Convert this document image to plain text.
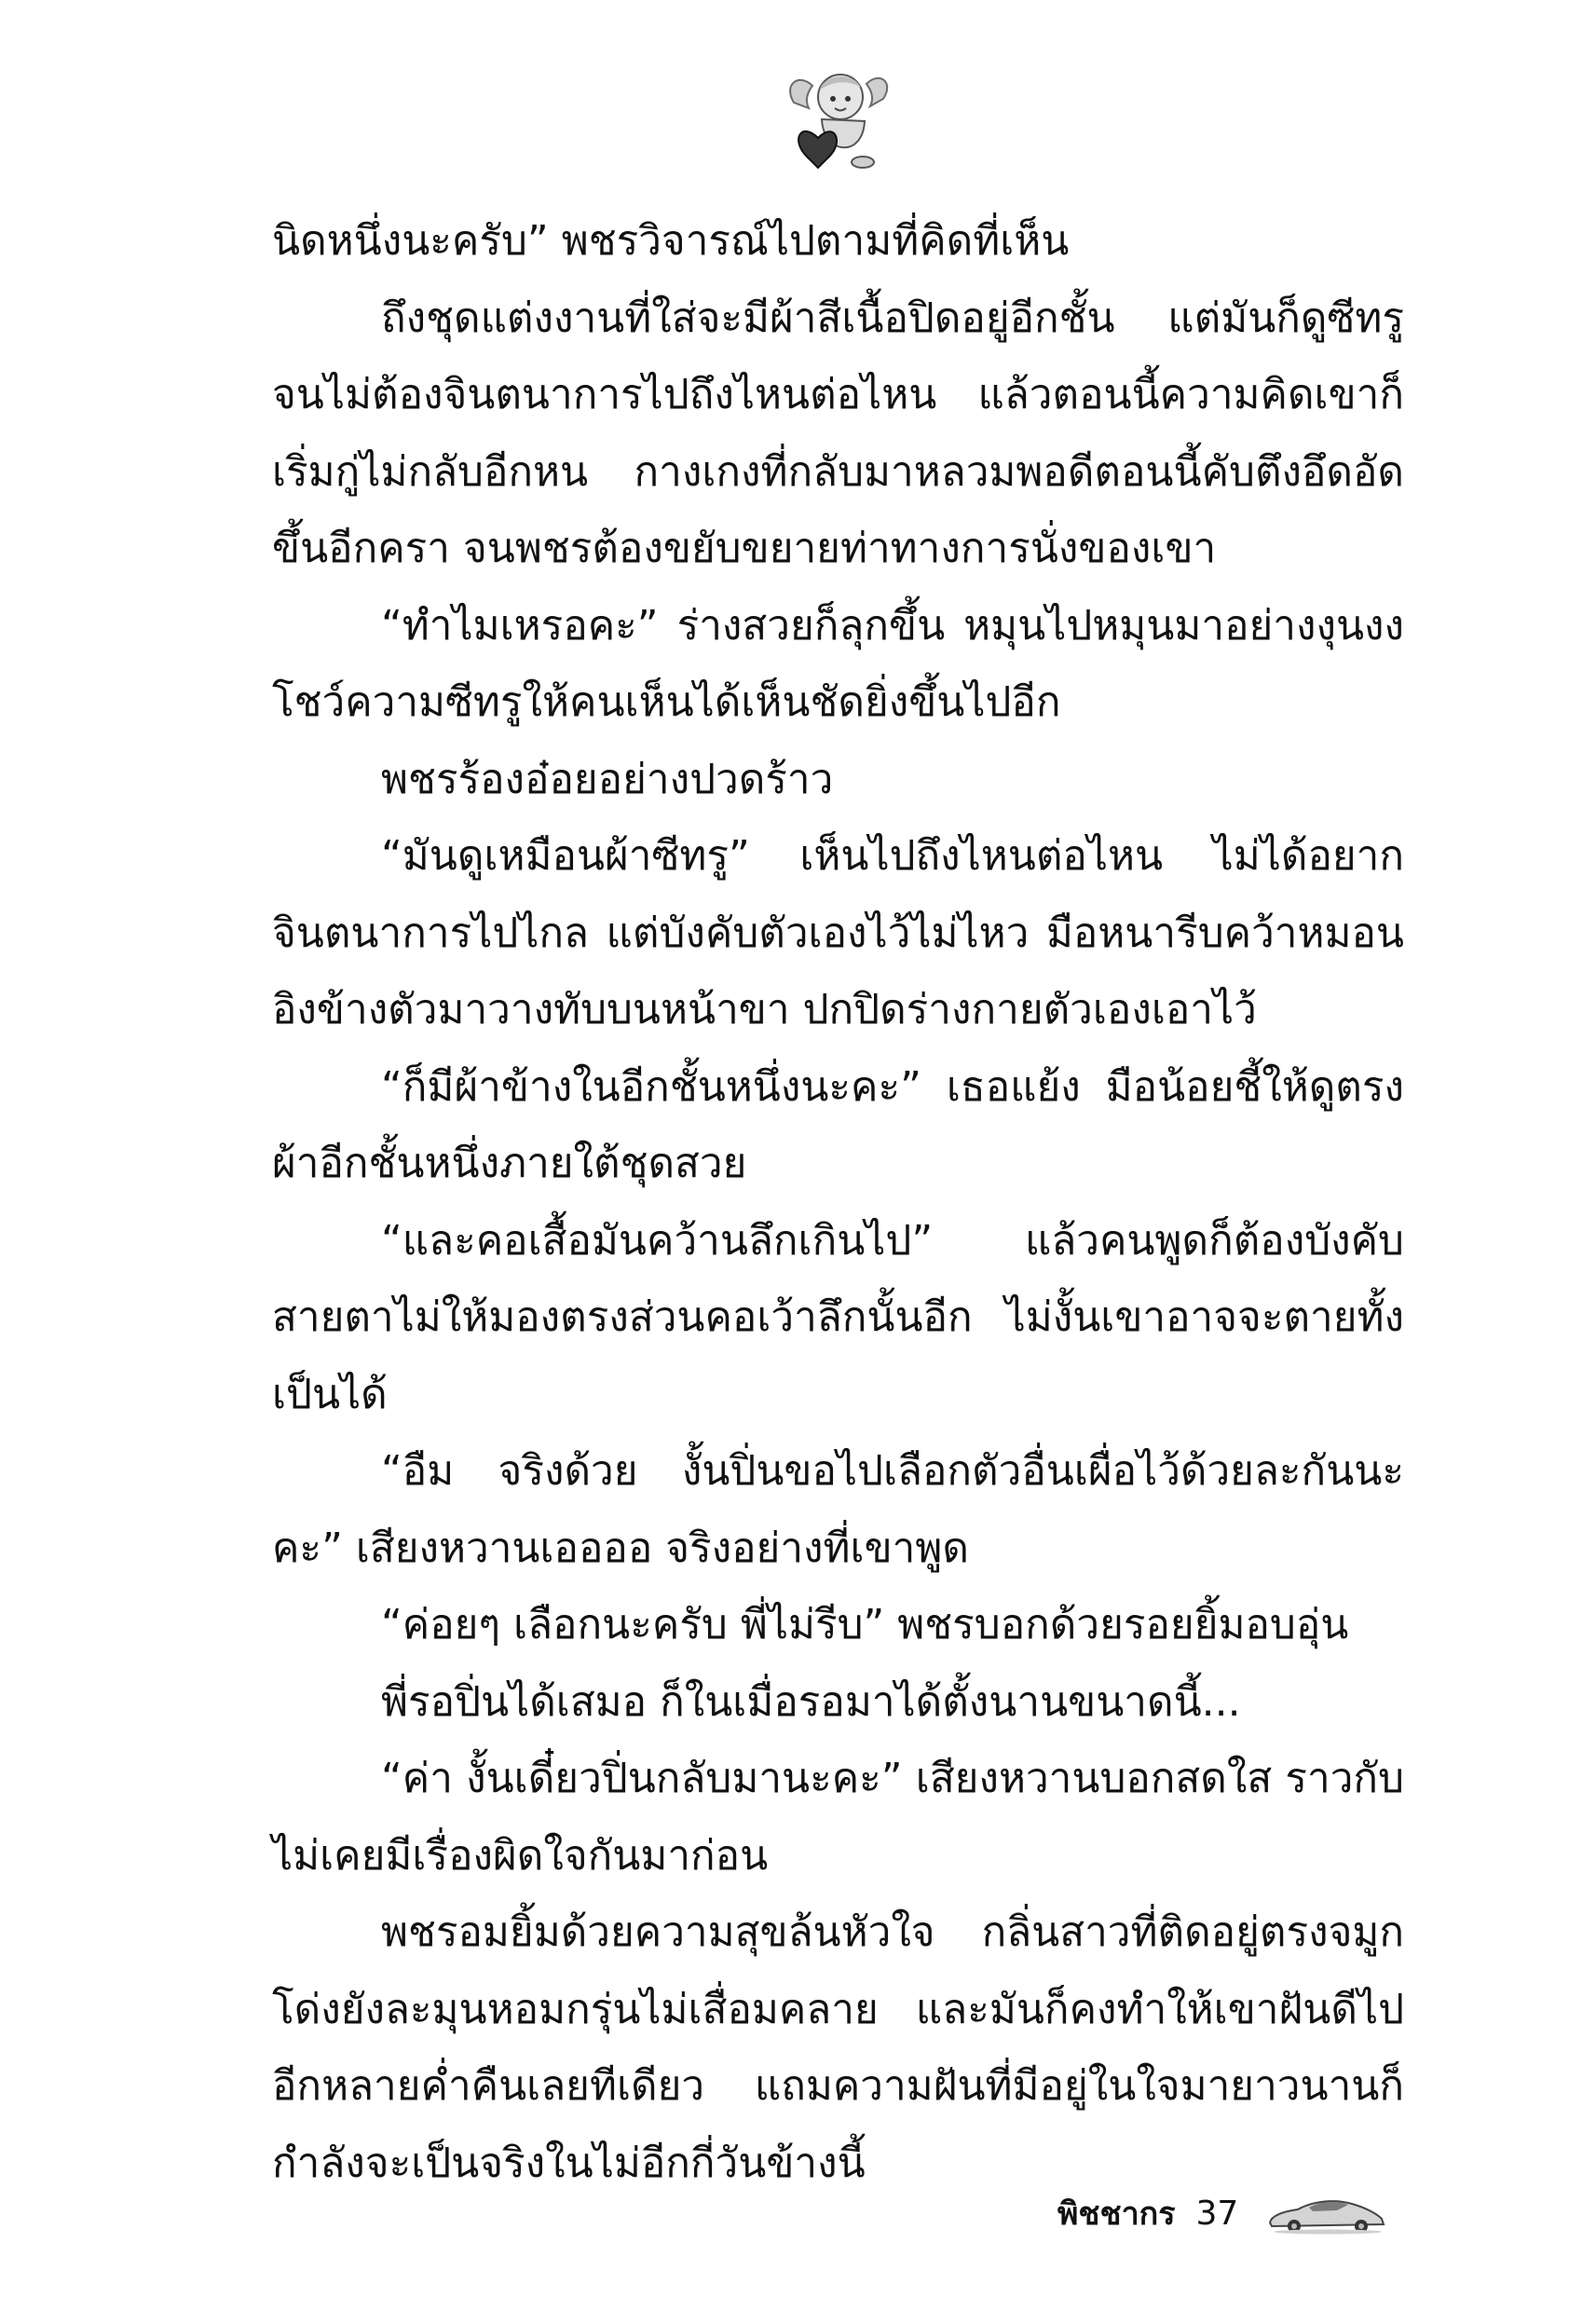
นิดหนึ่งนะครับ” พชรวิจารณ์ไปตามที่คิดที่เห็น

ถึงชุดแต่งงานที่ใส่จะมีผ้าสีเนื้อปิดอยู่อีกชั้น แต่มันก็ดูซีทรูจนไม่ต้องจินตนาการไปถึงไหนต่อไหน แล้วตอนนี้ความคิดเขาก็เริ่มกู่ไม่กลับอีกหน กางเกงที่กลับมาหลวมพอดีตอนนี้คับตึงอึดอัดขึ้นอีกครา จนพชรต้องขยับขยายท่าทางการนั่งของเขา

“ทำไมเหรอคะ” ร่างสวยก็ลุกขึ้น หมุนไปหมุนมาอย่างงุนงงโชว์ความซีทรูให้คนเห็นได้เห็นชัดยิ่งขึ้นไปอีก

พชรร้องอ๋อยอย่างปวดร้าว

“มันดูเหมือนผ้าซีทรู” เห็นไปถึงไหนต่อไหน ไม่ได้อยากจินตนาการไปไกล แต่บังคับตัวเองไว้ไม่ไหว มือหนารีบคว้าหมอนอิงข้างตัวมาวางทับบนหน้าขา ปกปิดร่างกายตัวเองเอาไว้

“ก็มีผ้าข้างในอีกชั้นหนึ่งนะคะ” เธอแย้ง มือน้อยชี้ให้ดูตรงผ้าอีกชั้นหนึ่งภายใต้ชุดสวย

“และคอเสื้อมันคว้านลึกเกินไป” แล้วคนพูดก็ต้องบังคับสายตาไม่ให้มองตรงส่วนคอเว้าลึกนั้นอีก ไม่งั้นเขาอาจจะตายทั้งเป็นได้

“อืม จริงด้วย งั้นปิ่นขอไปเลือกตัวอื่นเผื่อไว้ด้วยละกันนะคะ” เสียงหวานเออออ จริงอย่างที่เขาพูด

“ค่อยๆ เลือกนะครับ พี่ไม่รีบ” พชรบอกด้วยรอยยิ้มอบอุ่น

พี่รอปิ่นได้เสมอ ก็ในเมื่อรอมาได้ตั้งนานขนาดนี้...

“ค่า งั้นเดี๋ยวปิ่นกลับมานะคะ” เสียงหวานบอกสดใส ราวกับไม่เคยมีเรื่องผิดใจกันมาก่อน

พชรอมยิ้มด้วยความสุขล้นหัวใจ กลิ่นสาวที่ติดอยู่ตรงจมูกโด่งยังละมุนหอมกรุ่นไม่เสื่อมคลาย และมันก็คงทำให้เขาฝันดีไปอีกหลายค่ำคืนเลยทีเดียว แถมความฝันที่มีอยู่ในใจมายาวนานก็กำลังจะเป็นจริงในไม่อีกกี่วันข้างนี้

พิชชากร 37
